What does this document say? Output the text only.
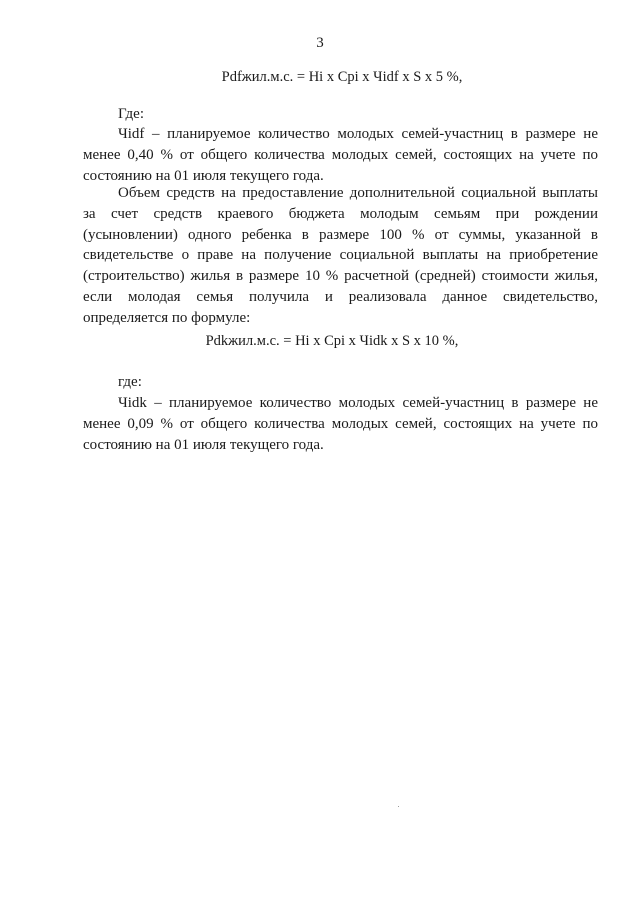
3
Pdfжил.м.с. = Нi x Срi x Чidf x S x 5 %,
Где:

Чidf – планируемое количество молодых семей-участниц в размере не менее 0,40 % от общего количества молодых семей, состоящих на учете по состоянию на 01 июля текущего года.

Объем средств на предоставление дополнительной социальной выплаты за счет средств краевого бюджета молодым семьям при рождении (усыновлении) одного ребенка в размере 100 % от суммы, указанной в свидетельстве о праве на получение социальной выплаты на приобретение (строительство) жилья в размере 10 % расчетной (средней) стоимости жилья, если молодая семья получила и реализовала данное свидетельство, определяется по формуле:

Pdkжил.м.с. = Нi x Срi x Чidk x S x 10 %,
где:

Чidk – планируемое количество молодых семей-участниц в размере не менее 0,09 % от общего количества молодых семей, состоящих на учете по состоянию на 01 июля текущего года.
